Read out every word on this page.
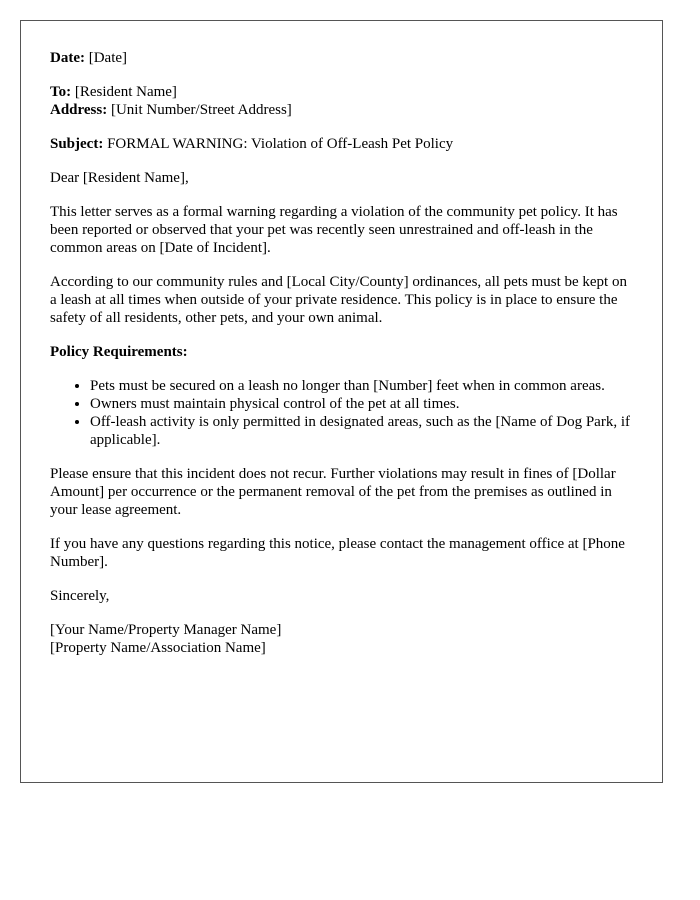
Date: [Date]

To: [Resident Name]
Address: [Unit Number/Street Address]

Subject: FORMAL WARNING: Violation of Off-Leash Pet Policy

Dear [Resident Name],

This letter serves as a formal warning regarding a violation of the community pet policy. It has been reported or observed that your pet was recently seen unrestrained and off-leash in the common areas on [Date of Incident].

According to our community rules and [Local City/County] ordinances, all pets must be kept on a leash at all times when outside of your private residence. This policy is in place to ensure the safety of all residents, other pets, and your own animal.

Policy Requirements:

• Pets must be secured on a leash no longer than [Number] feet when in common areas.
• Owners must maintain physical control of the pet at all times.
• Off-leash activity is only permitted in designated areas, such as the [Name of Dog Park, if applicable].

Please ensure that this incident does not recur. Further violations may result in fines of [Dollar Amount] per occurrence or the permanent removal of the pet from the premises as outlined in your lease agreement.

If you have any questions regarding this notice, please contact the management office at [Phone Number].

Sincerely,

[Your Name/Property Manager Name]
[Property Name/Association Name]
